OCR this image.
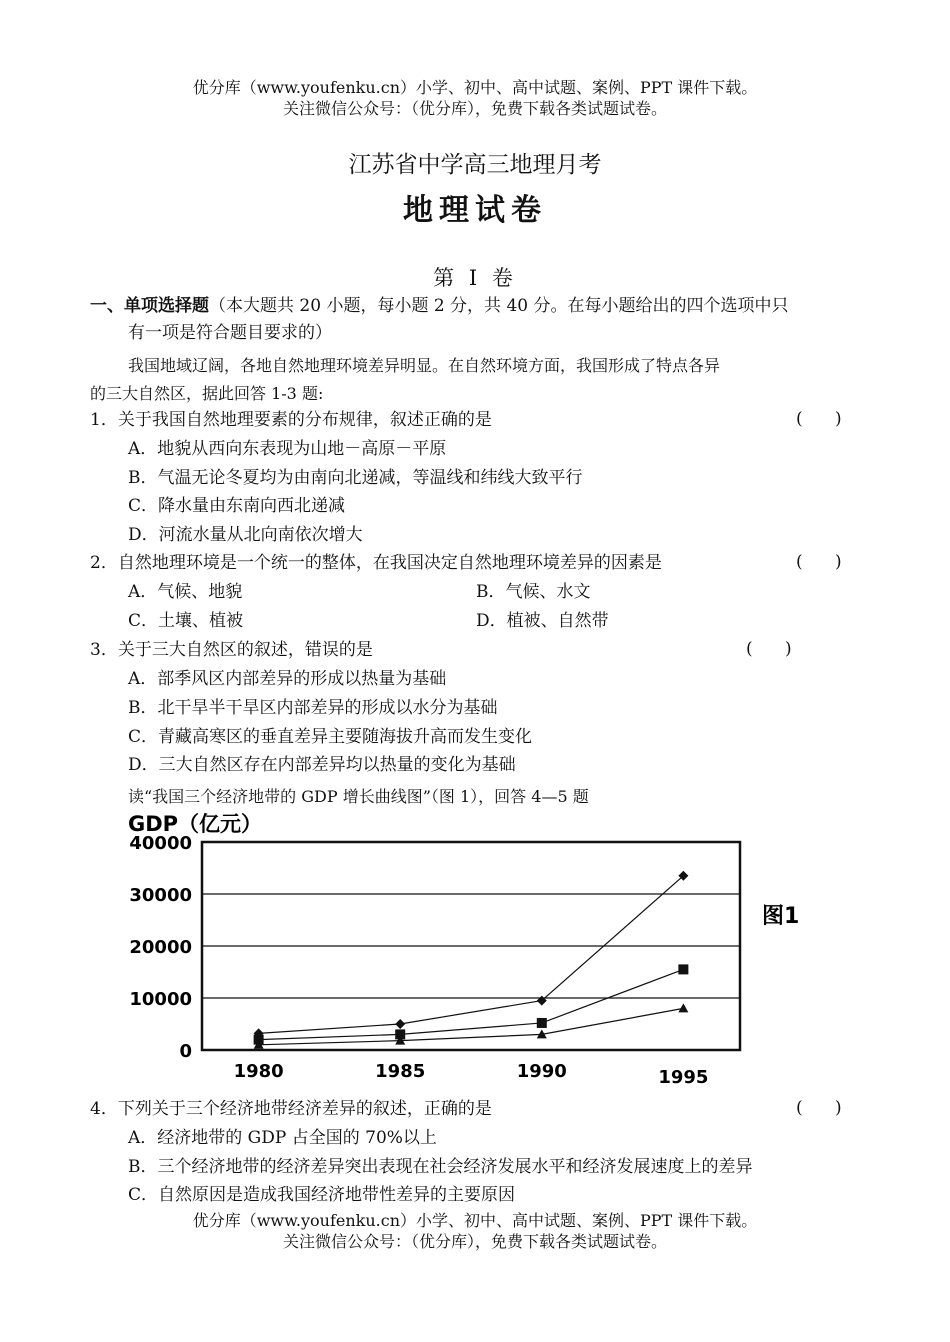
优分库（www.youfenku.cn）小学、初中、高中试题、案例、PPT 课件下载。
关注微信公众号：（优分库），免费下载各类试题试卷。
江苏省中学高三地理月考
地理试卷
第 I 卷
一、单项选择题（本大题共 20 小题，每小题 2 分，共 40 分。在每小题给出的四个选项中只
有一项是符合题目要求的）
我国地域辽阔，各地自然地理环境差异明显。在自然环境方面，我国形成了特点各异
的三大自然区，据此回答 1-3 题:
1．关于我国自然地理要素的分布规律，叙述正确的是	(      )
A．地貌从西向东表现为山地－高原－平原
B．气温无论冬夏均为由南向北递减，等温线和纬线大致平行
C．降水量由东南向西北递减
D．河流水量从北向南依次增大
2．自然地理环境是一个统一的整体，在我国决定自然地理环境差异的因素是	(      )
A．气候、地貌	B．气候、水文
C．土壤、植被	D．植被、自然带
3．关于三大自然区的叙述，错误的是	(      )
A．部季风区内部差异的形成以热量为基础
B．北干旱半干旱区内部差异的形成以水分为基础
C．青藏高寒区的垂直差异主要随海拔升高而发生变化
D．三大自然区存在内部差异均以热量的变化为基础
读“我国三个经济地带的 GDP 增长曲线图”（图 1），回答 4—5 题
GDP（亿元）
40000
30000
20000
10000
0
1980	1985	1990	1995
图1
4．下列关于三个经济地带经济差异的叙述，正确的是	(      )
A．经济地带的 GDP 占全国的 70%以上
B．三个经济地带的经济差异突出表现在社会经济发展水平和经济发展速度上的差异
C．自然原因是造成我国经济地带性差异的主要原因
优分库（www.youfenku.cn）小学、初中、高中试题、案例、PPT 课件下载。
关注微信公众号：（优分库），免费下载各类试题试卷。
